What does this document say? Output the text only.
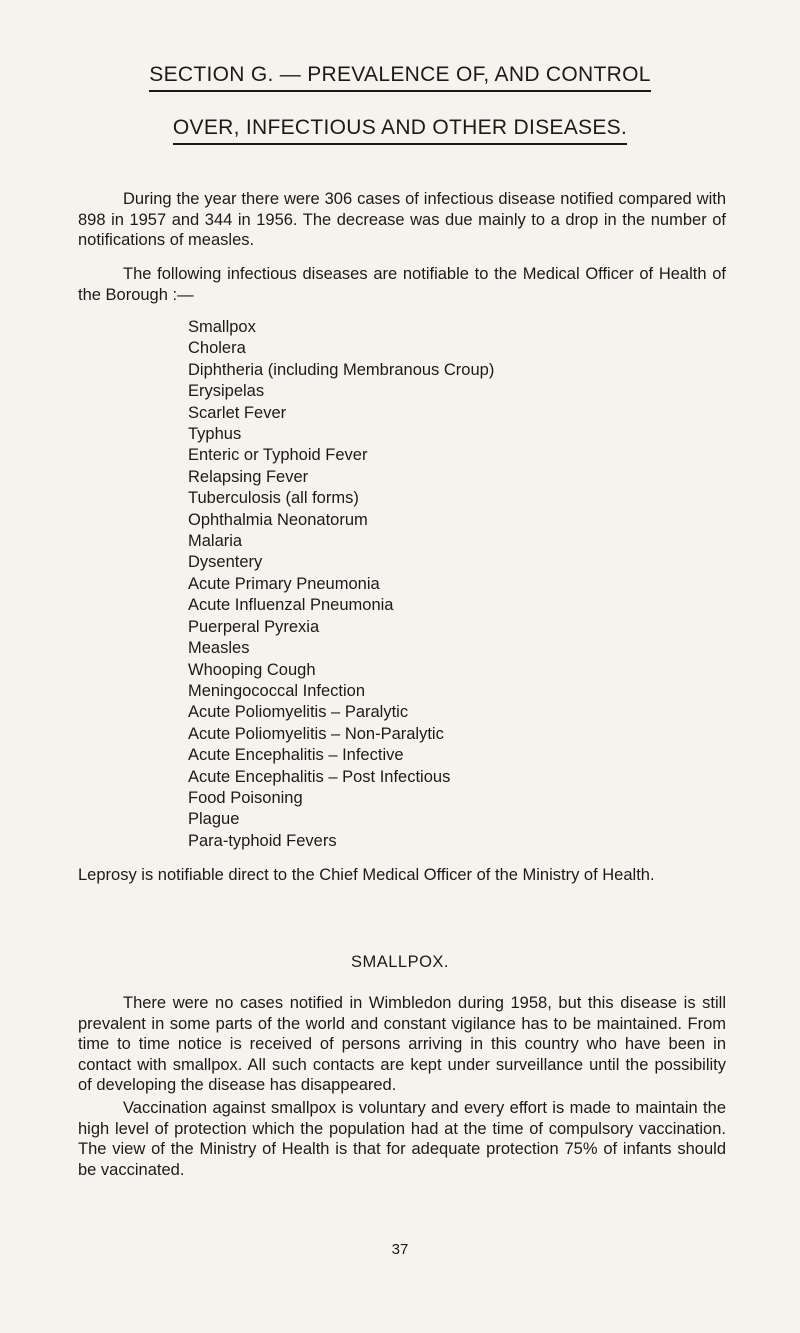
SECTION G. — PREVALENCE OF, AND CONTROL
OVER, INFECTIOUS AND OTHER DISEASES.

During the year there were 306 cases of infectious disease notified compared with 898 in 1957 and 344 in 1956. The decrease was due mainly to a drop in the number of notifications of measles.

The following infectious diseases are notifiable to the Medical Officer of Health of the Borough :—

Smallpox
Cholera
Diphtheria (including Membranous Croup)
Erysipelas
Scarlet Fever
Typhus
Enteric or Typhoid Fever
Relapsing Fever
Tuberculosis (all forms)
Ophthalmia Neonatorum
Malaria
Dysentery
Acute Primary Pneumonia
Acute Influenzal Pneumonia
Puerperal Pyrexia
Measles
Whooping Cough
Meningococcal Infection
Acute Poliomyelitis – Paralytic
Acute Poliomyelitis – Non-Paralytic
Acute Encephalitis – Infective
Acute Encephalitis – Post Infectious
Food Poisoning
Plague
Para-typhoid Fevers

Leprosy is notifiable direct to the Chief Medical Officer of the Ministry of Health.

SMALLPOX.

There were no cases notified in Wimbledon during 1958, but this disease is still prevalent in some parts of the world and constant vigilance has to be maintained. From time to time notice is received of persons arriving in this country who have been in contact with smallpox. All such contacts are kept under surveillance until the possibility of developing the disease has disappeared.

Vaccination against smallpox is voluntary and every effort is made to maintain the high level of protection which the population had at the time of compulsory vaccination. The view of the Ministry of Health is that for adequate protection 75% of infants should be vaccinated.

37
